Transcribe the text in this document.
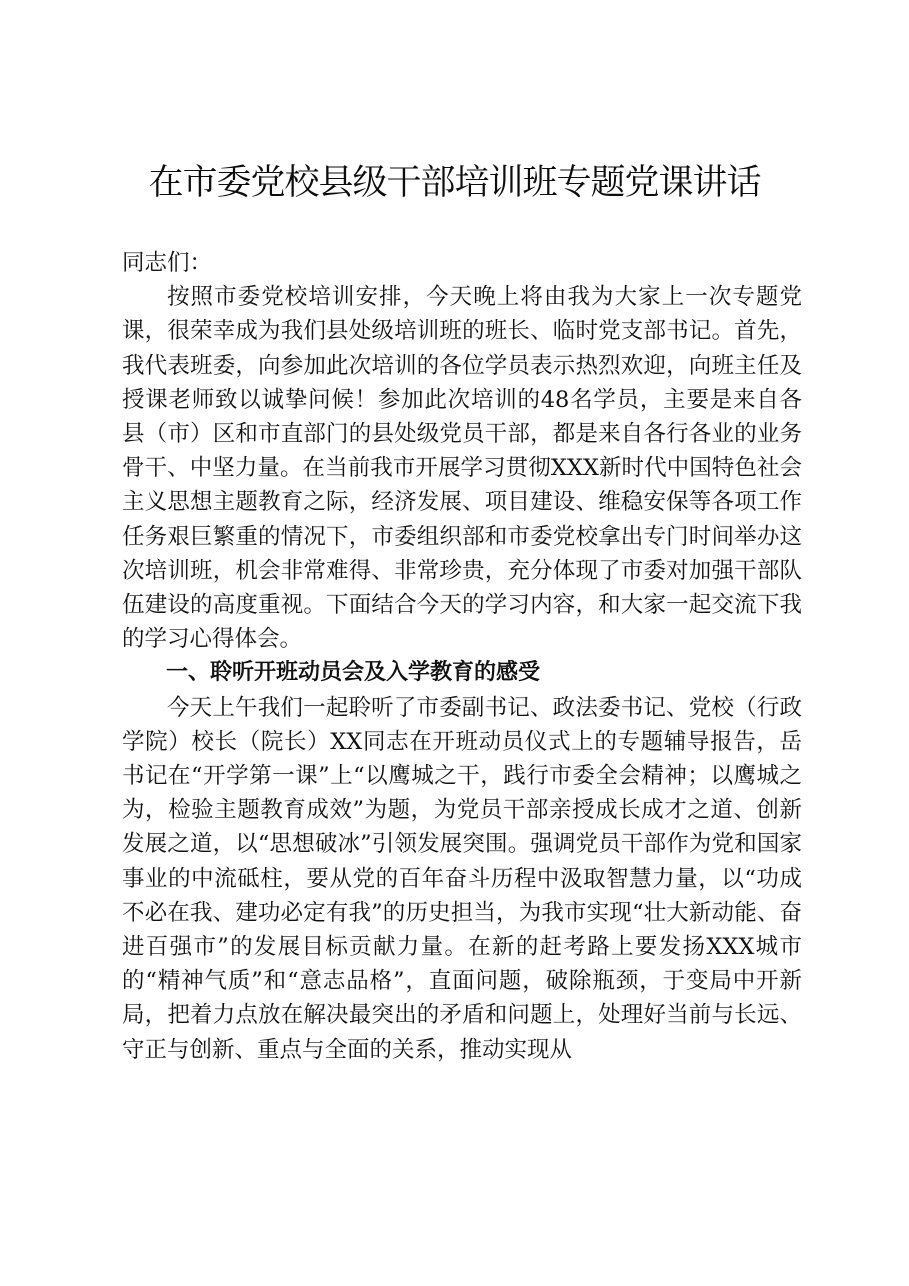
在市委党校县级干部培训班专题党课讲话

同志们：

按照市委党校培训安排，今天晚上将由我为大家上一次专题党课，很荣幸成为我们县处级培训班的班长、临时党支部书记。首先，我代表班委，向参加此次培训的各位学员表示热烈欢迎，向班主任及授课老师致以诚挚问候！参加此次培训的48名学员，主要是来自各县（市）区和市直部门的县处级党员干部，都是来自各行各业的业务骨干、中坚力量。在当前我市开展学习贯彻XXX新时代中国特色社会主义思想主题教育之际，经济发展、项目建设、维稳安保等各项工作任务艰巨繁重的情况下，市委组织部和市委党校拿出专门时间举办这次培训班，机会非常难得、非常珍贵，充分体现了市委对加强干部队伍建设的高度重视。下面结合今天的学习内容，和大家一起交流下我的学习心得体会。

一、聆听开班动员会及入学教育的感受

今天上午我们一起聆听了市委副书记、政法委书记、党校（行政学院）校长（院长）XX同志在开班动员仪式上的专题辅导报告，岳书记在“开学第一课”上“以鹰城之干，践行市委全会精神；以鹰城之为，检验主题教育成效”为题，为党员干部亲授成长成才之道、创新发展之道，以“思想破冰”引领发展突围。强调党员干部作为党和国家事业的中流砥柱，要从党的百年奋斗历程中汲取智慧力量，以“功成不必在我、建功必定有我”的历史担当，为我市实现“壮大新动能、奋进百强市”的发展目标贡献力量。在新的赶考路上要发扬XXX城市的“精神气质”和“意志品格”，直面问题，破除瓶颈，于变局中开新局，把着力点放在解决最突出的矛盾和问题上，处理好当前与长远、守正与创新、重点与全面的关系，推动实现从
